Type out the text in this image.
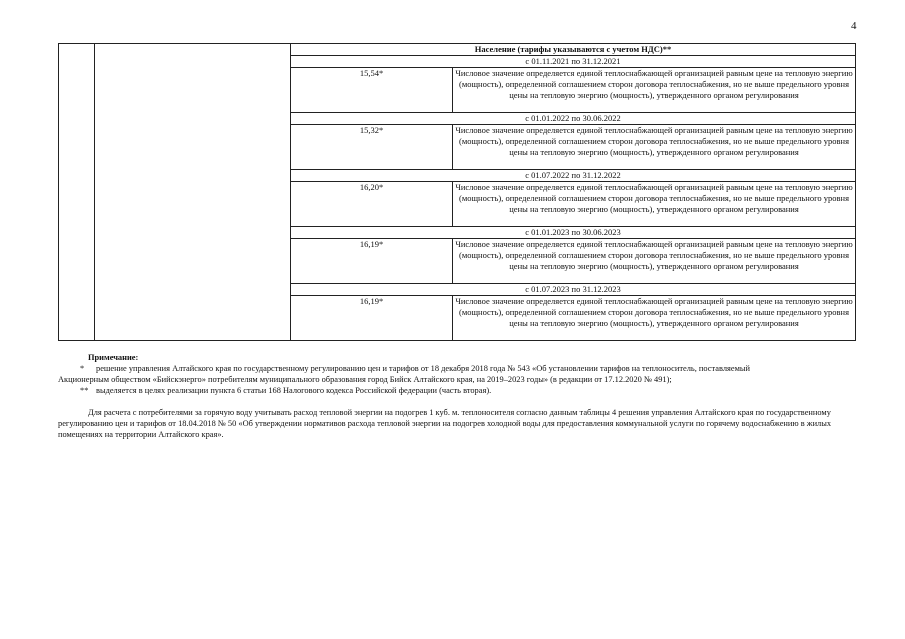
4
		Население (тарифы указываются с учетом НДС)**	
		с 01.11.2021 по 31.12.2021	
		15,54*	Числовое значение определяется единой теплоснабжающей организацией равным цене на тепловую энергию (мощность), определенной соглашением сторон договора теплоснабжения, но не выше предельного уровня цены на тепловую энергию (мощность), утвержденного органом регулирования
		с 01.01.2022 по 30.06.2022	
		15,32*	Числовое значение определяется единой теплоснабжающей организацией равным цене на тепловую энергию (мощность), определенной соглашением сторон договора теплоснабжения, но не выше предельного уровня цены на тепловую энергию (мощность), утвержденного органом регулирования
		с 01.07.2022 по 31.12.2022	
		16,20*	Числовое значение определяется единой теплоснабжающей организацией равным цене на тепловую энергию (мощность), определенной соглашением сторон договора теплоснабжения, но не выше предельного уровня цены на тепловую энергию (мощность), утвержденного органом регулирования
		с 01.01.2023 по 30.06.2023	
		16,19*	Числовое значение определяется единой теплоснабжающей организацией равным цене на тепловую энергию (мощность), определенной соглашением сторон договора теплоснабжения, но не выше предельного уровня цены на тепловую энергию (мощность), утвержденного органом регулирования
		с 01.07.2023 по 31.12.2023	
		16,19*	Числовое значение определяется единой теплоснабжающей организацией равным цене на тепловую энергию (мощность), определенной соглашением сторон договора теплоснабжения, но не выше предельного уровня цены на тепловую энергию (мощность), утвержденного органом регулирования
Примечание:
* решение управления Алтайского края по государственному регулированию цен и тарифов от 18 декабря 2018 года № 543 «Об установлении тарифов на теплоноситель, поставляемый
Акционерным обществом «Бийскэнерго» потребителям муниципального образования город Бийск Алтайского края, на 2019–2023 годы» (в редакции от 17.12.2020 № 491);
** выделяется в целях реализации пункта 6 статьи 168 Налогового кодекса Российской федерации (часть вторая).
Для расчета с потребителями за горячую воду учитывать расход тепловой энергии на подогрев 1 куб. м. теплоносителя согласно данным таблицы 4 решения управления Алтайского края по государственному регулированию цен и тарифов от 18.04.2018 № 50 «Об утверждении нормативов расхода тепловой энергии на подогрев холодной воды для предоставления коммунальной услуги по горячему водоснабжению в жилых помещениях на территории Алтайского края».
